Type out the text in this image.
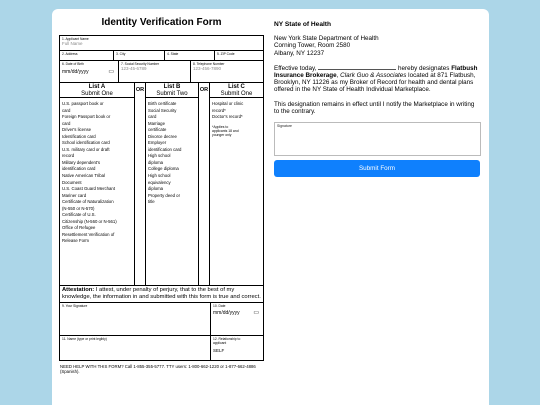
Identity Verification Form
1. Applicant Name
Full Name
2. Address	3. City	4. State	5. ZIP Code
6. Date of Birth
mm/dd/yyyy	▭
7. Social Security Number
123-45-6789
8. Telephone Number
123-456-7890
List A
Submit One
U.S. passport book or
card
Foreign Passport book or
card
Driver's license
Identification card
School identification card
U.S. military card or draft
record
Military dependent's
identification card
Native American Tribal
Document
U.S. Coast Guard Merchant
Mariner card
Certificate of Naturalization
(N-550 or N-570)
Certificate of U.S.
Citizenship (N-560 or N-561)
Office of Refugee
Resettlement Verification of
Release Form
OR	List B
Submit Two
Birth certificate
Social Security
card
Marriage
certificate
Divorce decree
Employer
identification card
High school
diploma
College diploma
High school
equivalency
diploma
Property deed or
title
OR	List C
Submit One
Hospital or clinic
record*
Doctor's record*
*Applies to
applicants 18 and
younger only
Attestation: I attest, under penalty of perjury, that to the best of my knowledge, the information in and submitted with this form is true and correct.
9. Your Signature	10. Date
mm/dd/yyyy ▭
11. Name (type or print legibly)	12. Relationship to
applicant
SELF
NEED HELP WITH THIS FORM? Call 1-855-355-5777. TTY users: 1-800-662-1220 or 1-877-662-4886 (Spanish).
NY State of Health
New York State Department of Health
Corning Tower, Room 2580
Albany, NY 12237
Effective today,	hereby designates Flatbush Insurance Brokerage, Clark Guo & Associates located at 871 Flatbush, Brooklyn, NY 11226 as my Broker of Record for health and dental plans offered in the NY State of Health Individual Marketplace.
This designation remains in effect until I notify the Marketplace in writing to the contrary.
Signature
Submit Form
